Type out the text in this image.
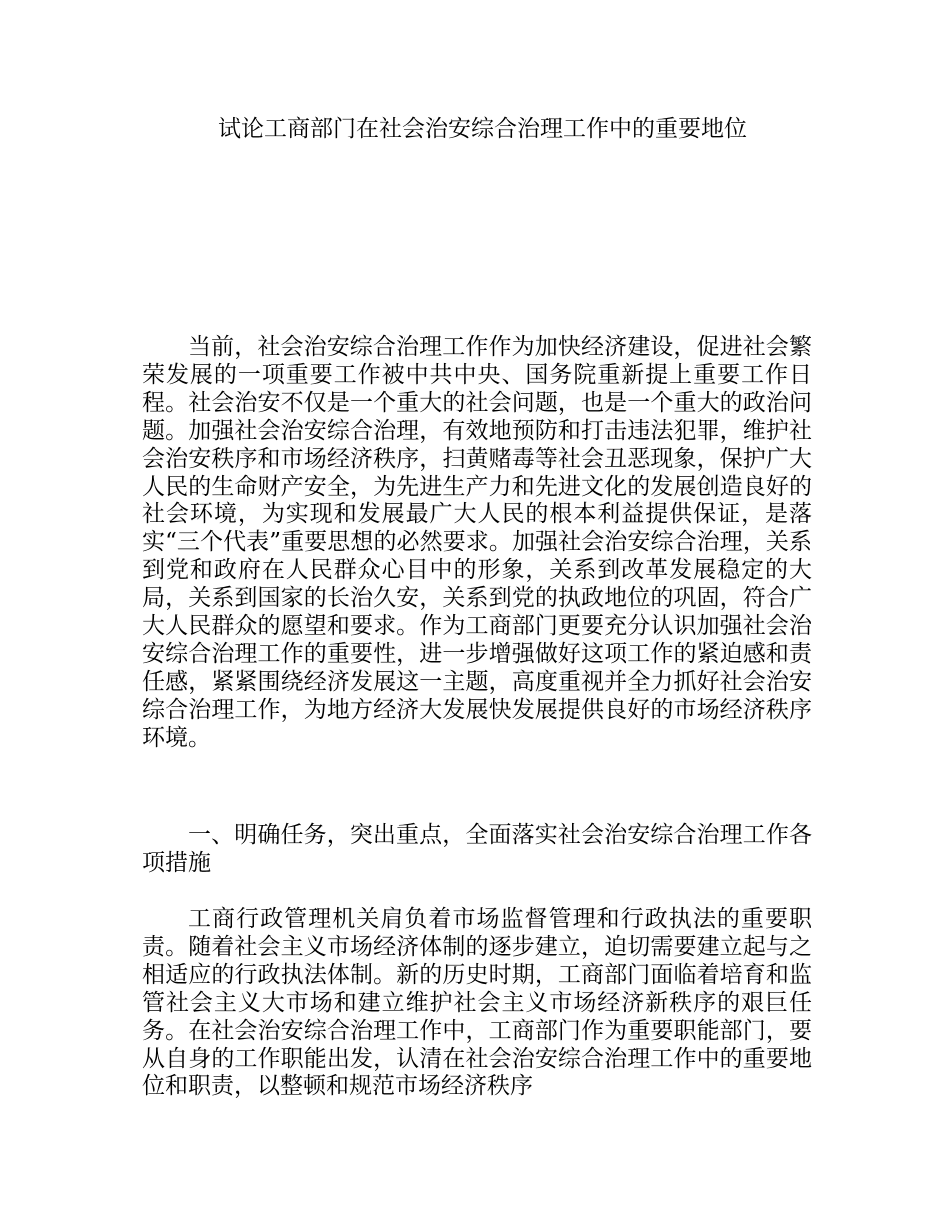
试论工商部门在社会治安综合治理工作中的重要地位

当前，社会治安综合治理工作作为加快经济建设，促进社会繁荣发展的一项重要工作被中共中央、国务院重新提上重要工作日程。社会治安不仅是一个重大的社会问题，也是一个重大的政治问题。加强社会治安综合治理，有效地预防和打击违法犯罪，维护社会治安秩序和市场经济秩序，扫黄赌毒等社会丑恶现象，保护广大人民的生命财产安全，为先进生产力和先进文化的发展创造良好的社会环境，为实现和发展最广大人民的根本利益提供保证，是落实“三个代表”重要思想的必然要求。加强社会治安综合治理，关系到党和政府在人民群众心目中的形象，关系到改革发展稳定的大局，关系到国家的长治久安，关系到党的执政地位的巩固，符合广大人民群众的愿望和要求。作为工商部门更要充分认识加强社会治安综合治理工作的重要性，进一步增强做好这项工作的紧迫感和责任感，紧紧围绕经济发展这一主题，高度重视并全力抓好社会治安综合治理工作，为地方经济大发展快发展提供良好的市场经济秩序环境。

一、明确任务，突出重点，全面落实社会治安综合治理工作各项措施

工商行政管理机关肩负着市场监督管理和行政执法的重要职责。随着社会主义市场经济体制的逐步建立，迫切需要建立起与之相适应的行政执法体制。新的历史时期，工商部门面临着培育和监管社会主义大市场和建立维护社会主义市场经济新秩序的艰巨任务。在社会治安综合治理工作中，工商部门作为重要职能部门，要从自身的工作职能出发，认清在社会治安综合治理工作中的重要地位和职责，以整顿和规范市场经济秩序
